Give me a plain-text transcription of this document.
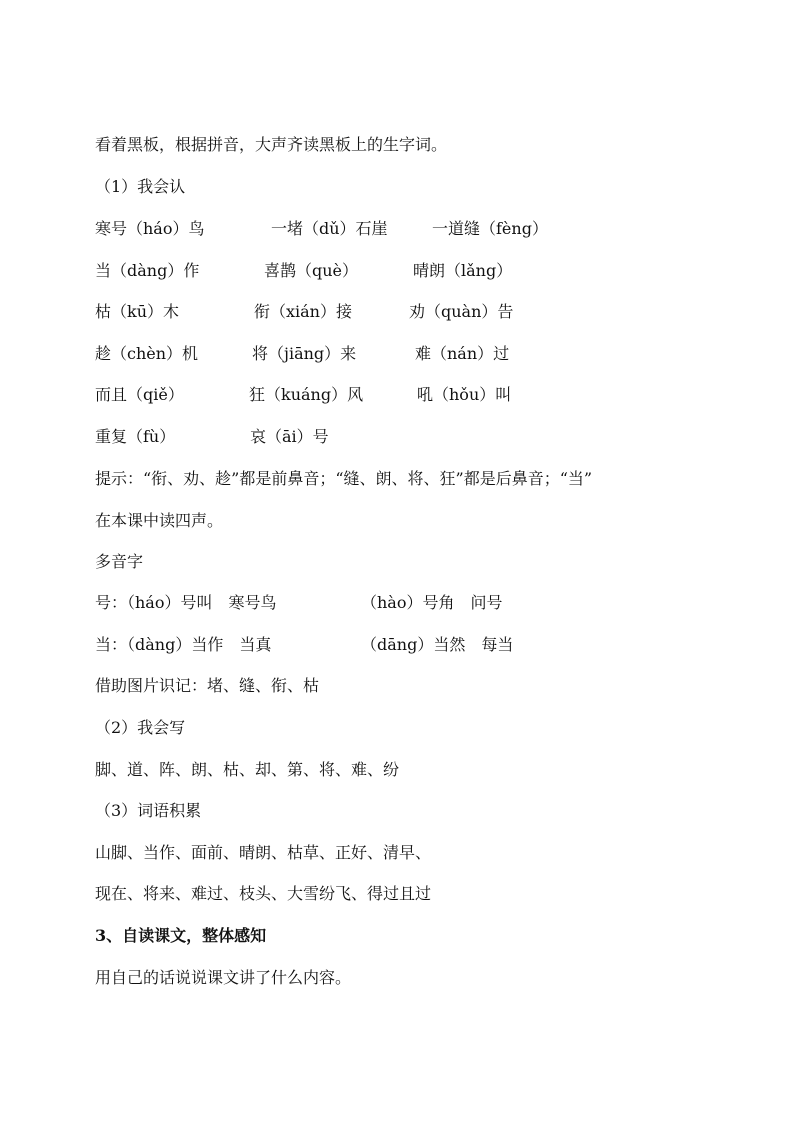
看着黑板，根据拼音，大声齐读黑板上的生字词。
（1）我会认
寒号（háo）鸟	一堵（dǔ）石崖	一道缝（fèng）
当（dàng）作	喜鹊（què）	晴朗（lǎng）
枯（kū）木	衔（xián）接	劝（quàn）告
趁（chèn）机	将（jiāng）来	难（nán）过
而且（qiě）	狂（kuáng）风	吼（hǒu）叫
重复（fù）	哀（āi）号
提示：“衔、劝、趁”都是前鼻音；“缝、朗、将、狂”都是后鼻音；“当”
在本课中读四声。
多音字
号：（háo）号叫　寒号鸟	（hào）号角　问号
当：（dàng）当作　当真	（dāng）当然　每当
借助图片识记：堵、缝、衔、枯
（2）我会写
脚、道、阵、朗、枯、却、第、将、难、纷
（3）词语积累
山脚、当作、面前、晴朗、枯草、正好、清早、
现在、将来、难过、枝头、大雪纷飞、得过且过
3、自读课文，整体感知
用自己的话说说课文讲了什么内容。
